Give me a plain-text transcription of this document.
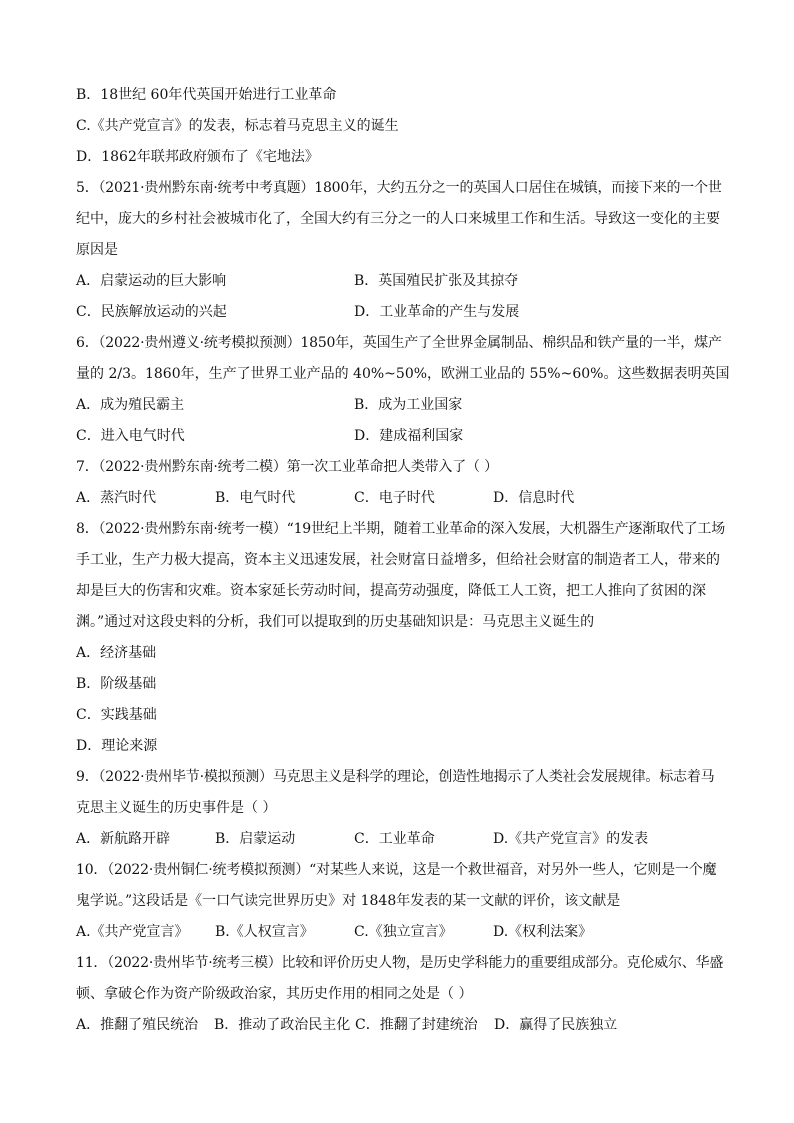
B．18世纪 60年代英国开始进行工业革命
C.《共产党宣言》的发表，标志着马克思主义的诞生
D．1862年联邦政府颁布了《宅地法》
5．（2021·贵州黔东南·统考中考真题）1800年，大约五分之一的英国人口居住在城镇，而接下来的一个世
纪中，庞大的乡村社会被城市化了，全国大约有三分之一的人口来城里工作和生活。导致这一变化的主要
原因是
A．启蒙运动的巨大影响	B．英国殖民扩张及其掠夺
C．民族解放运动的兴起	D．工业革命的产生与发展
6．（2022·贵州遵义·统考模拟预测）1850年，英国生产了全世界金属制品、棉织品和铁产量的一半，煤产
量的 2/3。1860年，生产了世界工业产品的 40%~50%，欧洲工业品的 55%~60%。这些数据表明英国
A．成为殖民霸主	B．成为工业国家
C．进入电气时代	D．建成福利国家
7．（2022·贵州黔东南·统考二模）第一次工业革命把人类带入了（ ）
A．蒸汽时代	B．电气时代	C．电子时代	D．信息时代
8．（2022·贵州黔东南·统考一模）“19世纪上半期，随着工业革命的深入发展，大机器生产逐渐取代了工场
手工业，生产力极大提高，资本主义迅速发展，社会财富日益增多，但给社会财富的制造者工人，带来的
却是巨大的伤害和灾难。资本家延长劳动时间，提高劳动强度，降低工人工资，把工人推向了贫困的深
渊。”通过对这段史料的分析，我们可以提取到的历史基础知识是：马克思主义诞生的
A．经济基础
B．阶级基础
C．实践基础
D．理论来源
9．（2022·贵州毕节·模拟预测）马克思主义是科学的理论，创造性地揭示了人类社会发展规律。标志着马
克思主义诞生的历史事件是（ ）
A．新航路开辟	B．启蒙运动	C．工业革命	D.《共产党宣言》的发表
10．（2022·贵州铜仁·统考模拟预测）“对某些人来说，这是一个救世福音，对另外一些人，它则是一个魔
鬼学说。”这段话是《一口气读完世界历史》对 1848年发表的某一文献的评价，该文献是
A.《共产党宣言》	B.《人权宣言》	C.《独立宣言》	D.《权利法案》
11．（2022·贵州毕节·统考三模）比较和评价历史人物，是历史学科能力的重要组成部分。克伦威尔、华盛
顿、拿破仑作为资产阶级政治家，其历史作用的相同之处是（ ）
A．推翻了殖民统治	B．推动了政治民主化 C．推翻了封建统治	D．赢得了民族独立
